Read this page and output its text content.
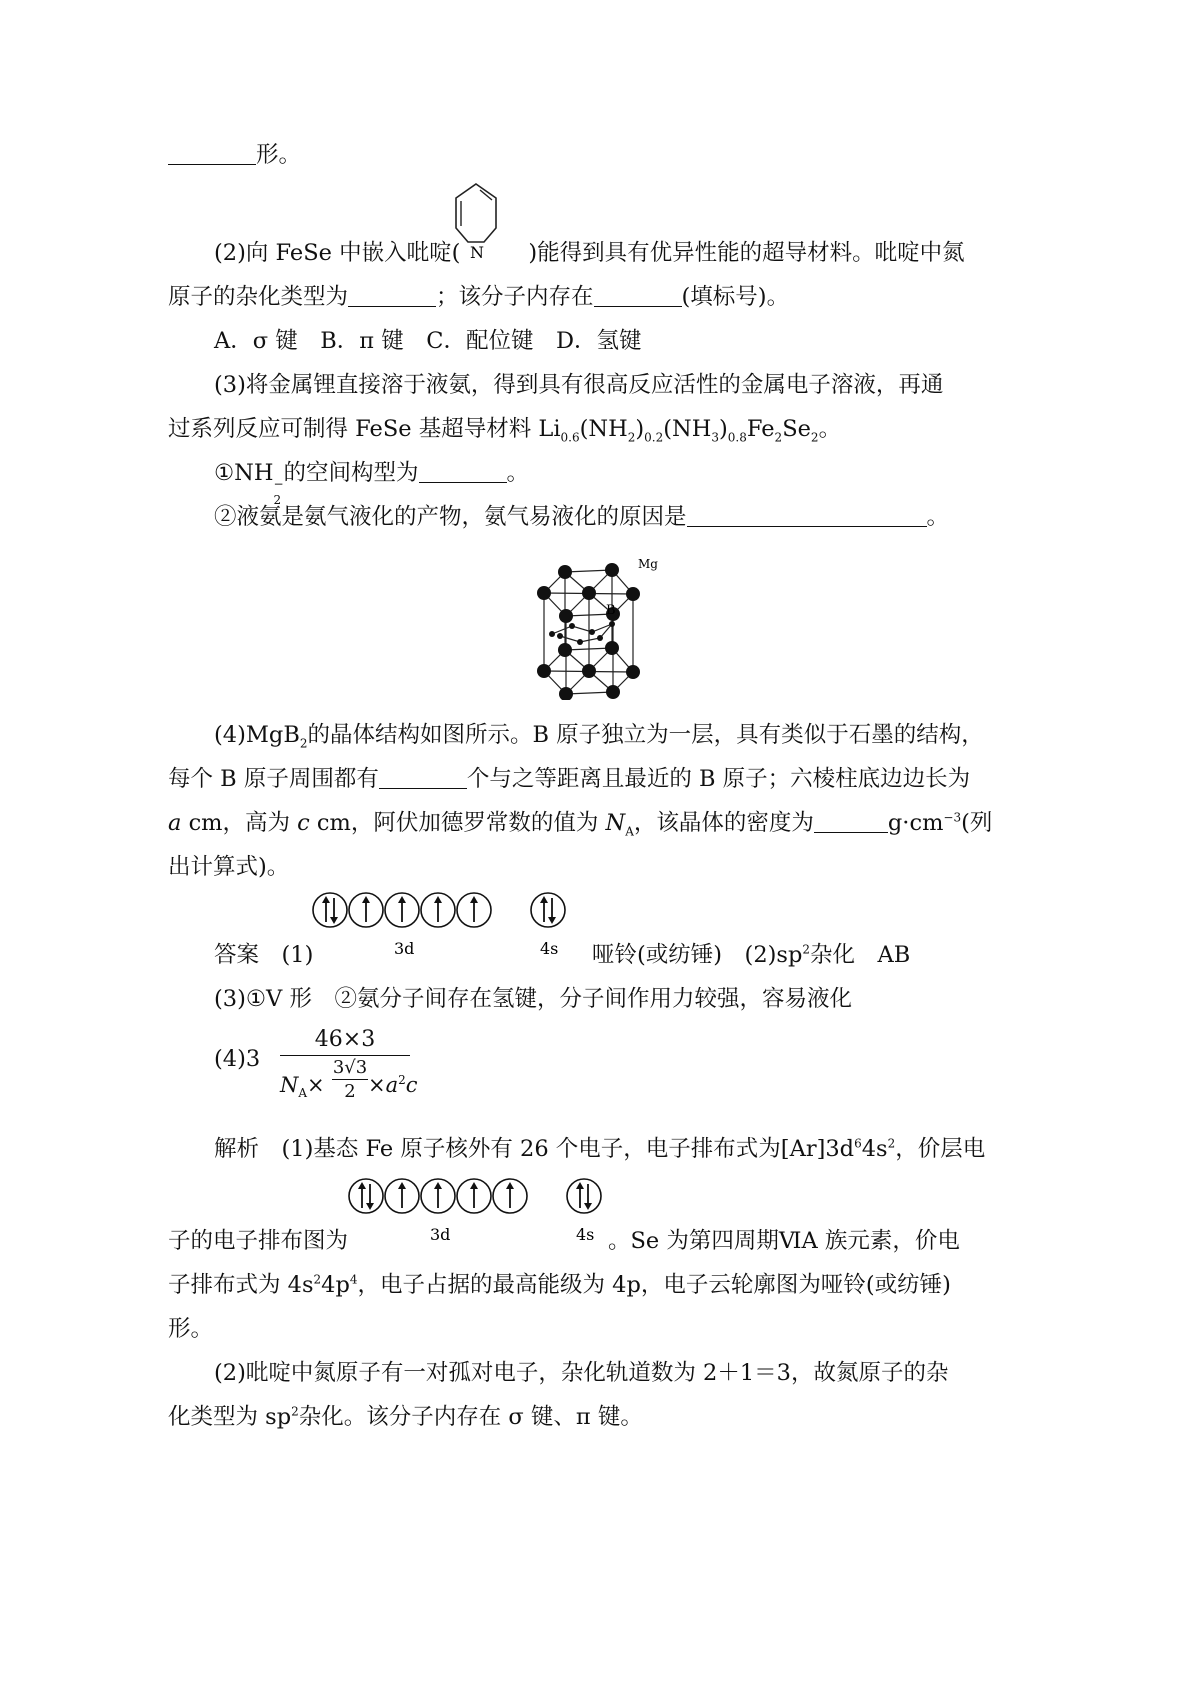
形。
N
(2)向 FeSe 中嵌入吡啶(	)能得到具有优异性能的超导材料。吡啶中氮
原子的杂化类型为	；该分子内存在	(填标号)。
A．σ 键　B．π 键　C．配位键　D．氢键
(3)将金属锂直接溶于液氨，得到具有很高反应活性的金属电子溶液，再通
过系列反应可制得 FeSe 基超导材料 $Li_{0.6}(NH_2)_{0.2}(NH_3)_{0.8}Fe_2Se_2$。
①NH −
2
的空间构型为	。
②液氨是氨气液化的产物，氨气易液化的原因是	。
Mg
B
(4)MgB$_2$的晶体结构如图所示。B 原子独立为一层，具有类似于石墨的结构，
每个 B 原子周围都有	个与之等距离且最近的 B 原子；六棱柱底边边长为
a cm，高为 c cm，阿伏加德罗常数的值为 $N_A$，该晶体的密度为	$g\cdot cm^{-3}$(列
出计算式)。
3d	4s
答案　(1)	哑铃(或纺锤)　$(2)sp^2$杂化　AB
(3)①V 形　②氨分子间存在氢键，分子间作用力较强，容易液化
(4)3
46×3
$N_A\times$
3√3
$2 \times a^2c$
解析　(1)基态 Fe 原子核外有 26 个电子，电子排布式为$[Ar]3d^64s^2$，价层电
3d	4s
子的电子排布图为	。Se 为第四周期ⅥA 族元素，价电
子排布式为 $4s^24p^4$，电子占据的最高能级为 4p，电子云轮廓图为哑铃(或纺锤)
形。
(2)吡啶中氮原子有一对孤对电子，杂化轨道数为 2＋1＝3，故氮原子的杂
化类型为 $sp^2$杂化。该分子内存在 σ 键、π 键。
